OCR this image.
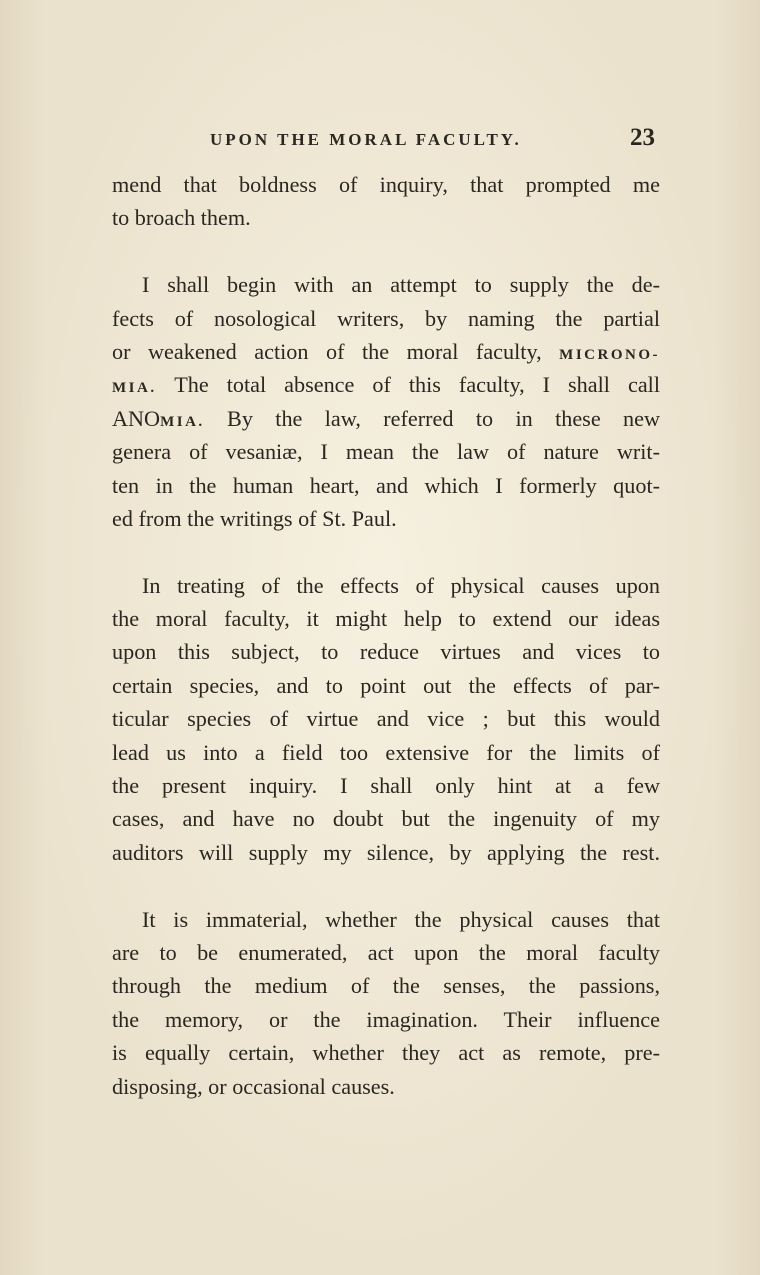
UPON THE MORAL FACULTY.	23
mend that boldness of inquiry, that prompted me
to broach them.
I shall begin with an attempt to supply the de-
fects of nosological writers, by naming the partial
or weakened action of the moral faculty, MICRONO-
MIA. The total absence of this faculty, I shall call
ANOMIA. By the law, referred to in these new
genera of vesaniæ, I mean the law of nature writ-
ten in the human heart, and which I formerly quot-
ed from the writings of St. Paul.
In treating of the effects of physical causes upon
the moral faculty, it might help to extend our ideas
upon this subject, to reduce virtues and vices to
certain species, and to point out the effects of par-
ticular species of virtue and vice ; but this would
lead us into a field too extensive for the limits of
the present inquiry. I shall only hint at a few
cases, and have no doubt but the ingenuity of my
auditors will supply my silence, by applying the rest.
It is immaterial, whether the physical causes that
are to be enumerated, act upon the moral faculty
through the medium of the senses, the passions,
the memory, or the imagination. Their influence
is equally certain, whether they act as remote, pre-
disposing, or occasional causes.
